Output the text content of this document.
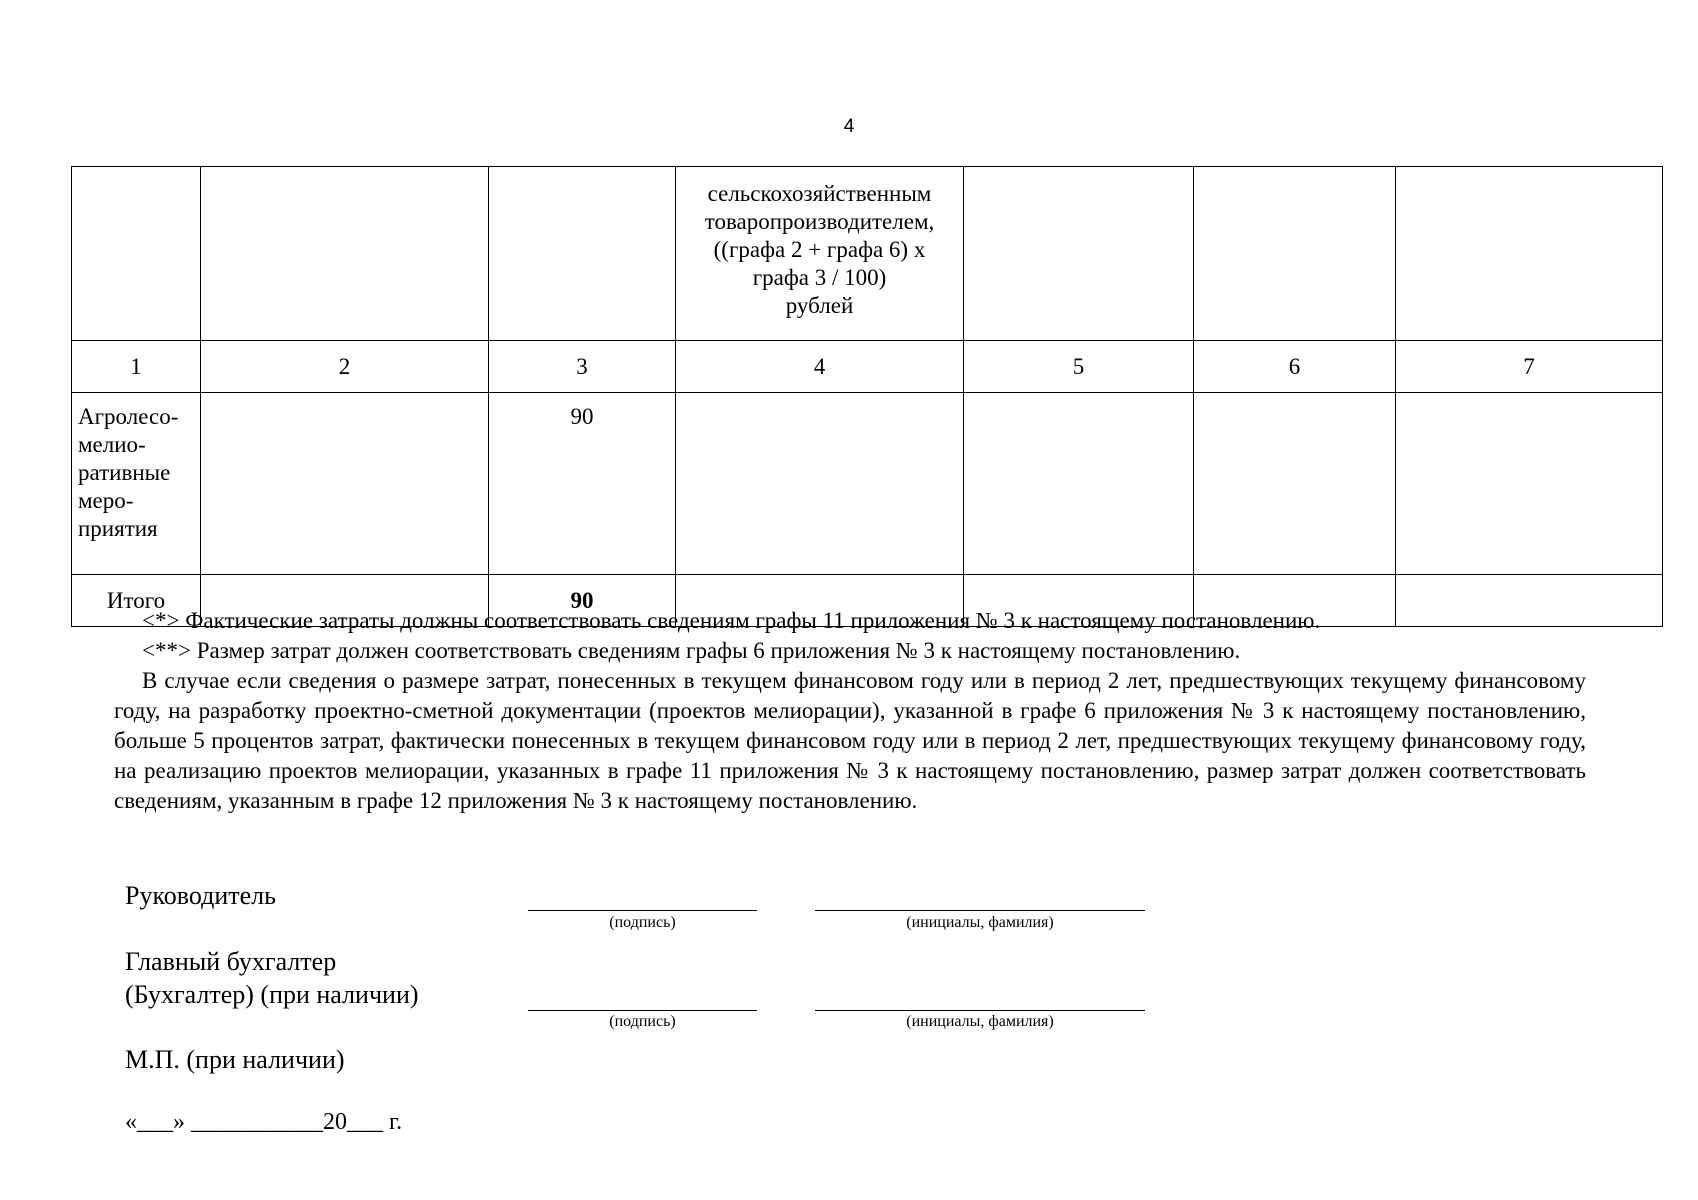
4

			сельскохозяйственным
товаропроизводителем,
((графа 2 + графа 6) х
графа 3 / 100)
рублей			

1	2	3	4	5	6	7

Агролесо-
мелио-
ративные
меро-
приятия		90				
Итого		90				

<*> Фактические затраты должны соответствовать сведениям графы 11 приложения № 3 к настоящему постановлению.

<**> Размер затрат должен соответствовать сведениям графы 6 приложения № 3 к настоящему постановлению.

В случае если сведения о размере затрат, понесенных в текущем финансовом году или в период 2 лет, предшествующих текущему финансовому году, на разработку проектно-сметной документации (проектов мелиорации), указанной в графе 6 приложения № 3 к настоящему постановлению, больше 5 процентов затрат, фактически понесенных в текущем финансовом году или в период 2 лет, предшествующих текущему финансовому году, на реализацию проектов мелиорации, указанных в графе 11 приложения № 3 к настоящему постановлению, размер затрат должен соответствовать сведениям, указанным в графе 12 приложения № 3 к настоящему постановлению.

Руководитель
(подпись)	(инициалы, фамилия)
Главный бухгалтер
(Бухгалтер) (при наличии)
(подпись)	(инициалы, фамилия)
М.П. (при наличии)
«___» ___________20___ г.
